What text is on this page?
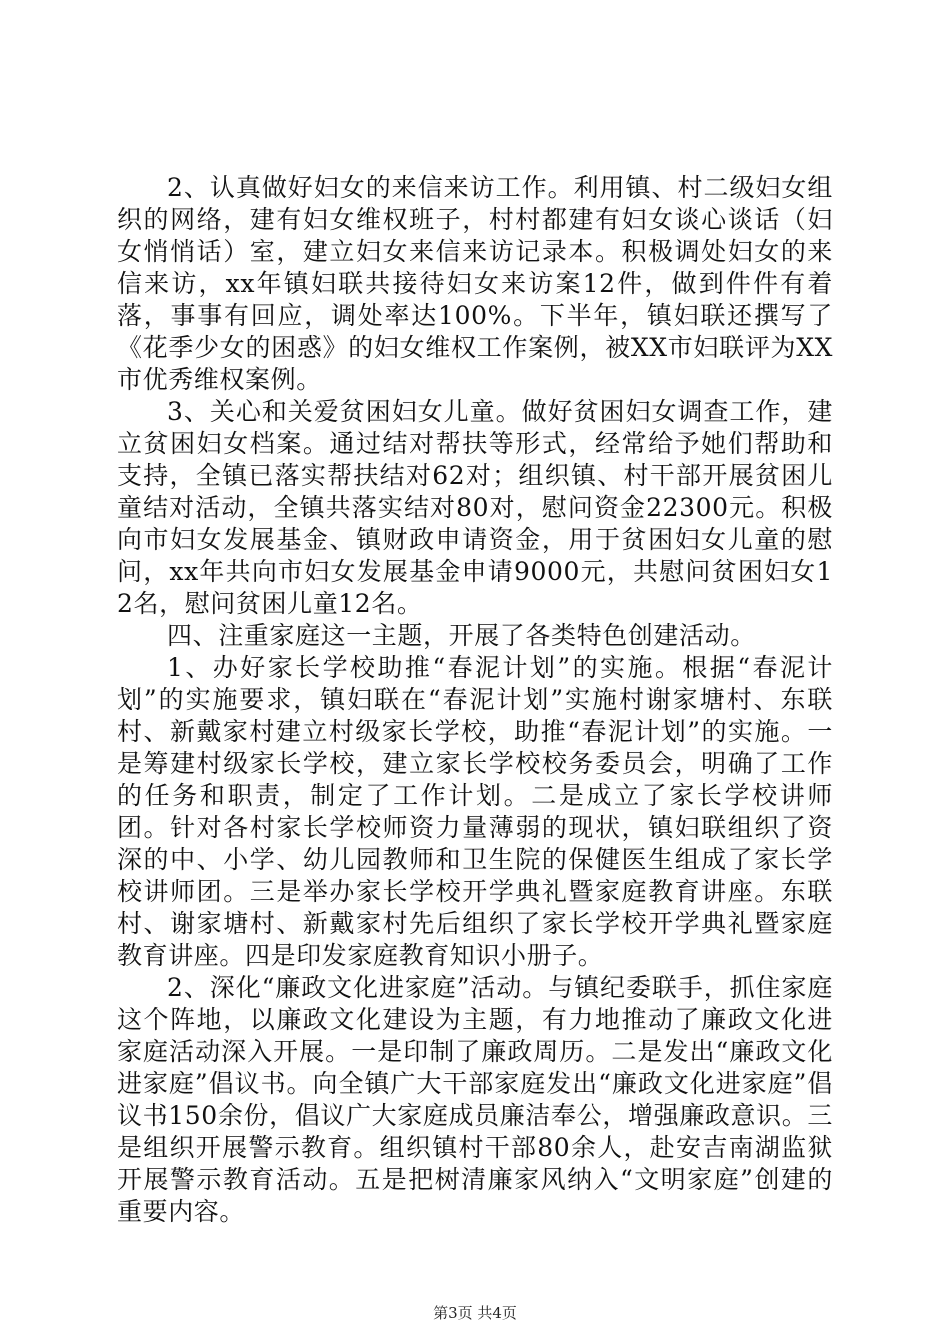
2、认真做好妇女的来信来访工作。利用镇、村二级妇女组织的网络，建有妇女维权班子，村村都建有妇女谈心谈话（妇女悄悄话）室，建立妇女来信来访记录本。积极调处妇女的来信来访，xx年镇妇联共接待妇女来访案12件，做到件件有着落，事事有回应，调处率达100%。下半年，镇妇联还撰写了《花季少女的困惑》的妇女维权工作案例，被XX市妇联评为XX市优秀维权案例。

3、关心和关爱贫困妇女儿童。做好贫困妇女调查工作，建立贫困妇女档案。通过结对帮扶等形式，经常给予她们帮助和支持，全镇已落实帮扶结对62对；组织镇、村干部开展贫困儿童结对活动，全镇共落实结对80对，慰问资金22300元。积极向市妇女发展基金、镇财政申请资金，用于贫困妇女儿童的慰问，xx年共向市妇女发展基金申请9000元，共慰问贫困妇女12名，慰问贫困儿童12名。

四、注重家庭这一主题，开展了各类特色创建活动。

1、办好家长学校助推“春泥计划”的实施。根据“春泥计划”的实施要求，镇妇联在“春泥计划”实施村谢家塘村、东联村、新戴家村建立村级家长学校，助推“春泥计划”的实施。一是筹建村级家长学校，建立家长学校校务委员会，明确了工作的任务和职责，制定了工作计划。二是成立了家长学校讲师团。针对各村家长学校师资力量薄弱的现状，镇妇联组织了资深的中、小学、幼儿园教师和卫生院的保健医生组成了家长学校讲师团。三是举办家长学校开学典礼暨家庭教育讲座。东联村、谢家塘村、新戴家村先后组织了家长学校开学典礼暨家庭教育讲座。四是印发家庭教育知识小册子。

2、深化“廉政文化进家庭”活动。与镇纪委联手，抓住家庭这个阵地，以廉政文化建设为主题，有力地推动了廉政文化进家庭活动深入开展。一是印制了廉政周历。二是发出“廉政文化进家庭”倡议书。向全镇广大干部家庭发出“廉政文化进家庭”倡议书150余份，倡议广大家庭成员廉洁奉公，增强廉政意识。三是组织开展警示教育。组织镇村干部80余人，赴安吉南湖监狱开展警示教育活动。五是把树清廉家风纳入“文明家庭”创建的重要内容。

第3页 共4页
